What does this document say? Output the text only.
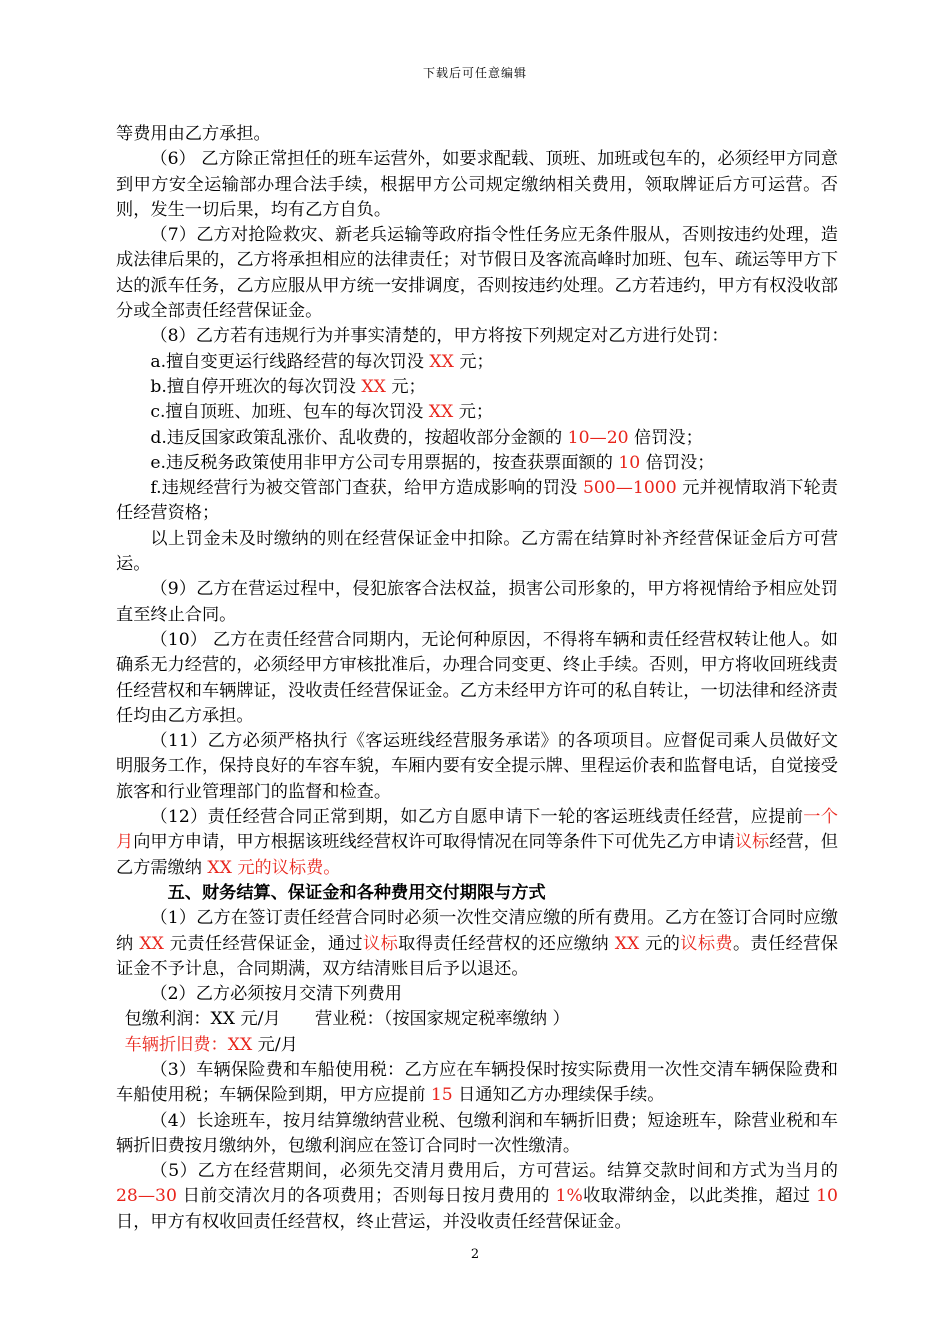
下载后可任意编辑

等费用由乙方承担。

（6） 乙方除正常担任的班车运营外，如要求配载、顶班、加班或包车的，必须经甲方同意到甲方安全运输部办理合法手续，根据甲方公司规定缴纳相关费用，领取牌证后方可运营。否则，发生一切后果，均有乙方自负。

（7）乙方对抢险救灾、新老兵运输等政府指令性任务应无条件服从，否则按违约处理，造成法律后果的，乙方将承担相应的法律责任；对节假日及客流高峰时加班、包车、疏运等甲方下达的派车任务，乙方应服从甲方统一安排调度，否则按违约处理。乙方若违约，甲方有权没收部分或全部责任经营保证金。

（8）乙方若有违规行为并事实清楚的，甲方将按下列规定对乙方进行处罚：

a.擅自变更运行线路经营的每次罚没 XX 元；

b.擅自停开班次的每次罚没 XX 元；

c.擅自顶班、加班、包车的每次罚没 XX 元；

d.违反国家政策乱涨价、乱收费的，按超收部分金额的 10—20 倍罚没；

e.违反税务政策使用非甲方公司专用票据的，按查获票面额的 10 倍罚没；

f.违规经营行为被交管部门查获，给甲方造成影响的罚没 500—1000 元并视情取消下轮责任经营资格；

以上罚金未及时缴纳的则在经营保证金中扣除。乙方需在结算时补齐经营保证金后方可营运。

（9）乙方在营运过程中，侵犯旅客合法权益，损害公司形象的，甲方将视情给予相应处罚直至终止合同。

（10） 乙方在责任经营合同期内，无论何种原因，不得将车辆和责任经营权转让他人。如确系无力经营的，必须经甲方审核批准后，办理合同变更、终止手续。否则，甲方将收回班线责任经营权和车辆牌证，没收责任经营保证金。乙方未经甲方许可的私自转让，一切法律和经济责任均由乙方承担。

（11）乙方必须严格执行《客运班线经营服务承诺》的各项项目。应督促司乘人员做好文明服务工作，保持良好的车容车貌，车厢内要有安全提示牌、里程运价表和监督电话，自觉接受旅客和行业管理部门的监督和检查。

（12）责任经营合同正常到期，如乙方自愿申请下一轮的客运班线责任经营，应提前一个月向甲方申请，甲方根据该班线经营权许可取得情况在同等条件下可优先乙方申请议标经营，但乙方需缴纳 XX 元的议标费。

五、财务结算、保证金和各种费用交付期限与方式

（1）乙方在签订责任经营合同时必须一次性交清应缴的所有费用。乙方在签订合同时应缴纳 XX 元责任经营保证金，通过议标取得责任经营权的还应缴纳 XX 元的议标费。责任经营保证金不予计息，合同期满，双方结清账目后予以退还。

（2）乙方必须按月交清下列费用

包缴利润：XX 元/月　　营业税：（按国家规定税率缴纳 ）

车辆折旧费：XX 元/月

（3）车辆保险费和车船使用税：乙方应在车辆投保时按实际费用一次性交清车辆保险费和车船使用税；车辆保险到期，甲方应提前 15 日通知乙方办理续保手续。

（4）长途班车，按月结算缴纳营业税、包缴利润和车辆折旧费；短途班车，除营业税和车辆折旧费按月缴纳外，包缴利润应在签订合同时一次性缴清。

（5）乙方在经营期间，必须先交清月费用后，方可营运。结算交款时间和方式为当月的 28—30 日前交清次月的各项费用；否则每日按月费用的 1%收取滞纳金，以此类推，超过 10 日，甲方有权收回责任经营权，终止营运，并没收责任经营保证金。

2
